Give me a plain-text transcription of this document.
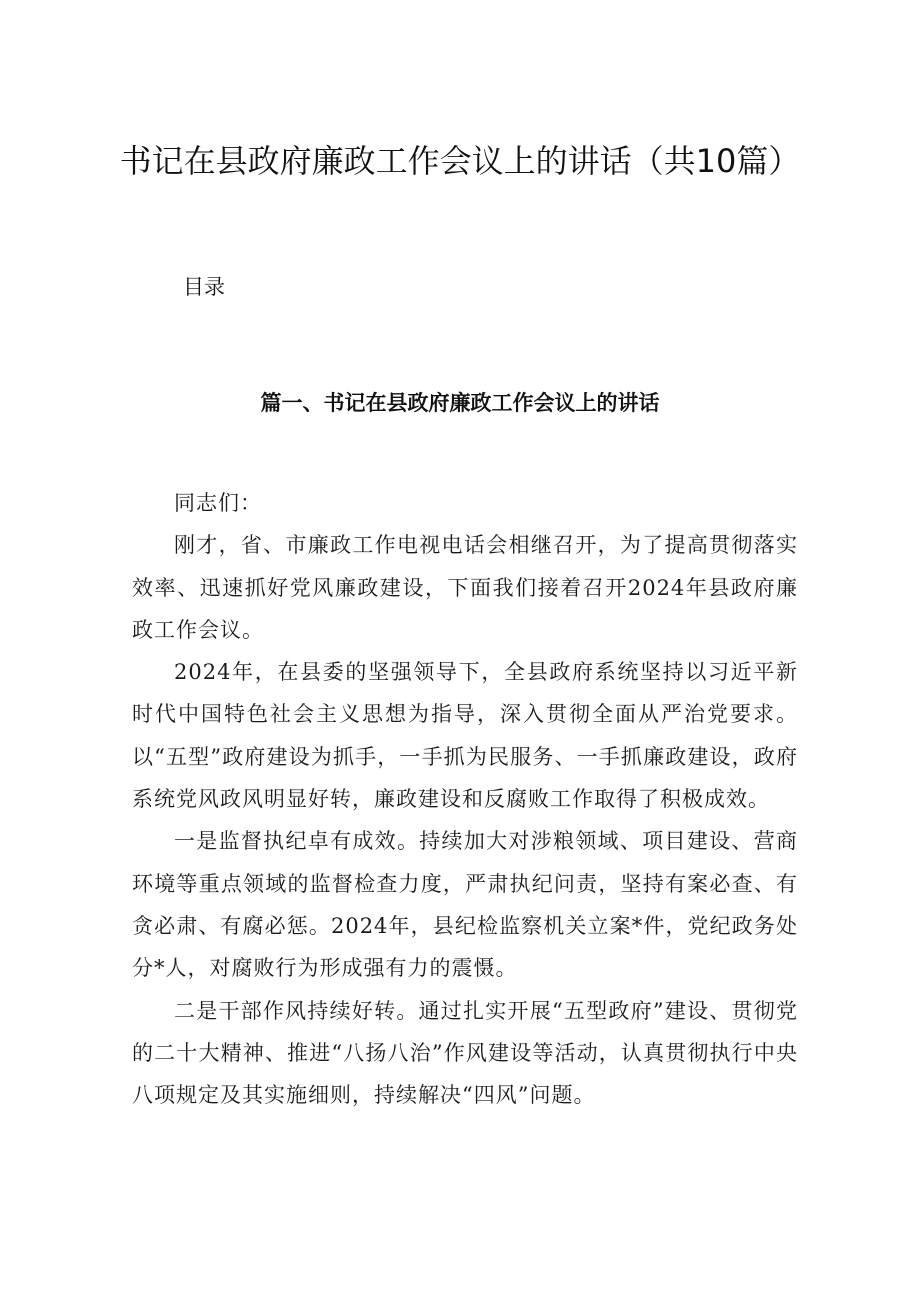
书记在县政府廉政工作会议上的讲话（共10篇）
目录
篇一、书记在县政府廉政工作会议上的讲话

同志们：

刚才，省、市廉政工作电视电话会相继召开，为了提高贯彻落实效率、迅速抓好党风廉政建设，下面我们接着召开2024年县政府廉政工作会议。

2024年，在县委的坚强领导下，全县政府系统坚持以习近平新时代中国特色社会主义思想为指导，深入贯彻全面从严治党要求。以“五型”政府建设为抓手，一手抓为民服务、一手抓廉政建设，政府系统党风政风明显好转，廉政建设和反腐败工作取得了积极成效。

一是监督执纪卓有成效。持续加大对涉粮领域、项目建设、营商环境等重点领域的监督检查力度，严肃执纪问责，坚持有案必查、有贪必肃、有腐必惩。2024年，县纪检监察机关立案*件，党纪政务处分*人，对腐败行为形成强有力的震慑。

二是干部作风持续好转。通过扎实开展“五型政府”建设、贯彻党的二十大精神、推进“八扬八治”作风建设等活动，认真贯彻执行中央八项规定及其实施细则，持续解决“四风”问题。
